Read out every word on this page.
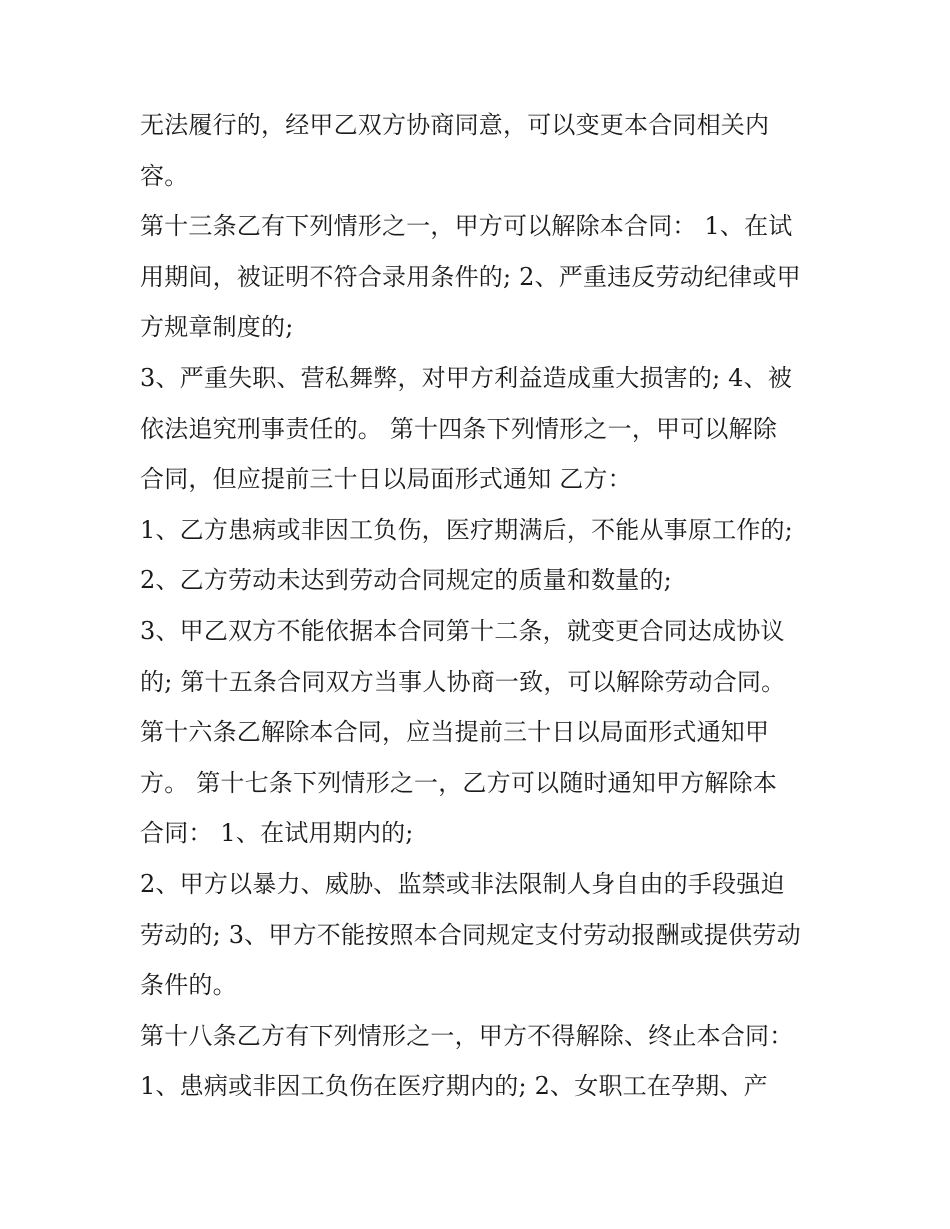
无法履行的，经甲乙双方协商同意，可以变更本合同相关内
容。
第十三条乙有下列情形之一，甲方可以解除本合同： 1、在试
用期间，被证明不符合录用条件的; 2、严重违反劳动纪律或甲
方规章制度的;
3、严重失职、营私舞弊，对甲方利益造成重大损害的; 4、被
依法追究刑事责任的。 第十四条下列情形之一，甲可以解除
合同，但应提前三十日以局面形式通知 乙方：
1、乙方患病或非因工负伤，医疗期满后，不能从事原工作的;
2、乙方劳动未达到劳动合同规定的质量和数量的;
3、甲乙双方不能依据本合同第十二条，就变更合同达成协议
的; 第十五条合同双方当事人协商一致，可以解除劳动合同。
第十六条乙解除本合同，应当提前三十日以局面形式通知甲
方。 第十七条下列情形之一，乙方可以随时通知甲方解除本
合同： 1、在试用期内的;
2、甲方以暴力、威胁、监禁或非法限制人身自由的手段强迫
劳动的; 3、甲方不能按照本合同规定支付劳动报酬或提供劳动
条件的。
第十八条乙方有下列情形之一，甲方不得解除、终止本合同：
1、患病或非因工负伤在医疗期内的; 2、女职工在孕期、产
